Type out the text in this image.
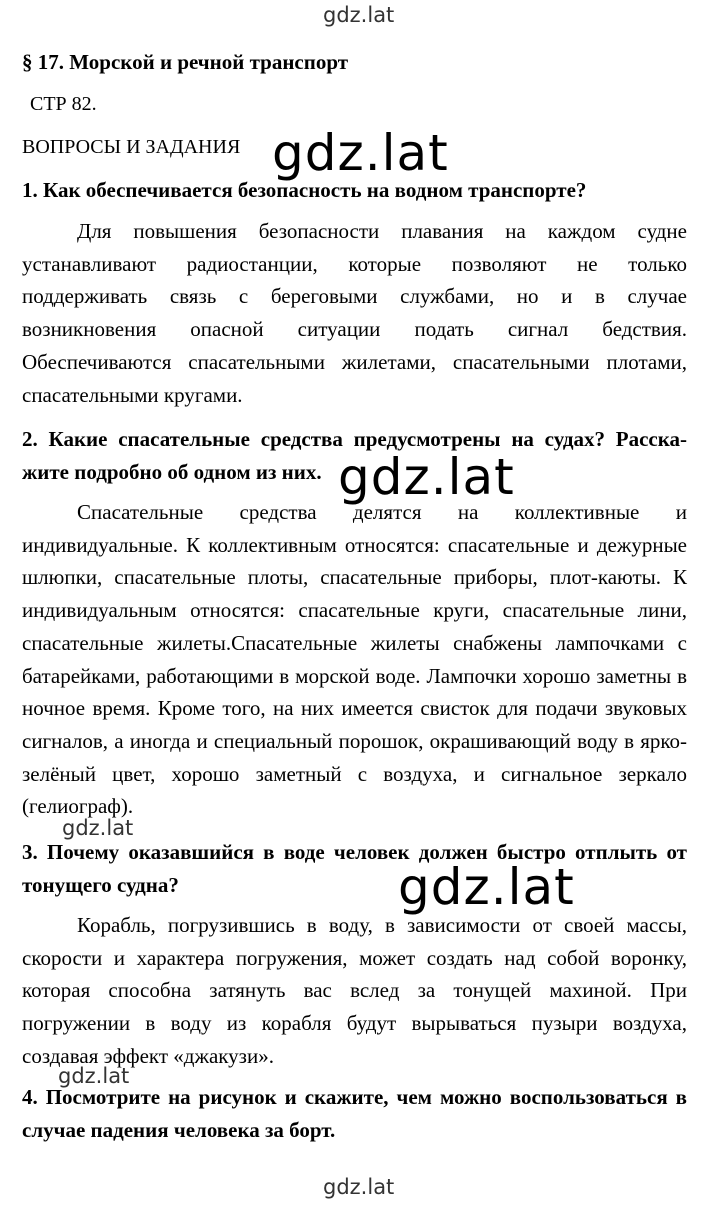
gdz.lat
§ 17. Морской и речной транспорт
СТР 82.
ВОПРОСЫ И ЗАДАНИЯ gdz.lat
1. Как обеспечивается безопасность на водном транспорте?
Для повышения безопасности плавания на каждом судне устанавливают радиостанции, которые позволяют не только поддерживать связь с береговыми службами, но и в случае возникновения опасной ситуации подать сигнал бедствия. Обеспечиваются спасательными жилетами, спасательными плотами, спасательными кругами.
2. Какие спасательные средства предусмотрены на судах? Расскажите подробно об одном из них. gdz.lat
Спасательные средства делятся на коллективные и индивидуальные. К коллективным относятся: спасательные и дежурные шлюпки, спасательные плоты, спасательные приборы, плот-каюты. К индивидуальным относятся: спасательные круги, спасательные лини, спасательные жилеты.Спасательные жилеты снабжены лампочками с батарейками, работающими в морской воде. Лампочки хорошо заметны в ночное время. Кроме того, на них имеется свисток для подачи звуковых сигналов, а иногда и специальный порошок, окрашивающий воду в ярко-зелёный цвет, хорошо заметный с воздуха, и сигнальное зеркало (гелиограф).
gdz.lat
3. Почему оказавшийся в воде человек должен быстро отплыть от тонущего судна?	gdz.lat
Корабль, погрузившись в воду, в зависимости от своей массы, скорости и характера погружения, может создать над собой воронку, которая способна затянуть вас вслед за тонущей махиной. При погружении в воду из корабля будут вырываться пузыри воздуха, создавая эффект «джакузи».
gdz.lat
4. Посмотрите на рисунок и скажите, чем можно воспользоваться в случае падения человека за борт.
gdz.lat
